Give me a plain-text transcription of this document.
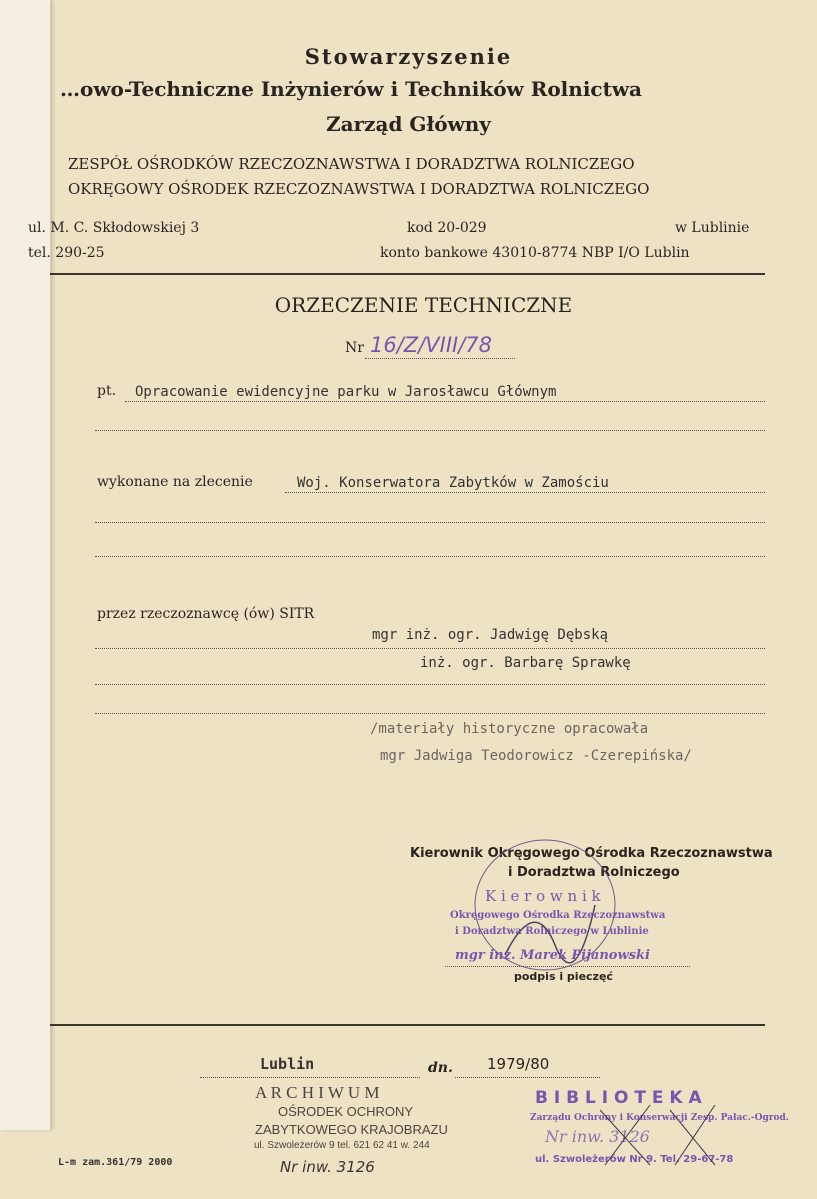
Stowarzyszenie
…owo-Techniczne Inżynierów i Techników Rolnictwa
Zarząd Główny
ZESPÓŁ OŚRODKÓW RZECZOZNAWSTWA I DORADZTWA ROLNICZEGO
OKRĘGOWY OŚRODEK RZECZOZNAWSTWA I DORADZTWA ROLNICZEGO
ul. M. C. Skłodowskiej 3
tel. 290-25
kod 20-029
konto bankowe 43010-8774 NBP I/O Lublin
w Lublinie
ORZECZENIE TECHNICZNE
Nr 16/Z/VIII/78
pt. Opracowanie ewidencyjne parku w Jarosławcu Głównym
wykonane na zlecenie	Woj. Konserwatora Zabytków w Zamościu
przez rzeczoznawcę (ów) SITR
mgr inż. ogr. Jadwigę Dębską
inż. ogr. Barbarę Sprawkę
/materiały historyczne opracowała
mgr Jadwiga Teodorowicz -Czerepińska/
Kierownik Okręgowego Ośrodka Rzeczoznawstwa
i Doradztwa Rolniczego
K i e r o w n i k
Okręgowego Ośrodka Rzeczoznawstwa
i Doradztwa Rolniczego w Lublinie
mgr inż. Marek Pijanowski
podpis i pieczęć
Lublin	dn. 1979/80
A R C H I W U M
OŚRODEK OCHRONY
ZABYTKOWEGO KRAJOBRAZU
ul. Szwoleżerów 9 tel. 621 62 41 w. 244
Nr inw. 3126
B I B L I O T E K A
Zarządu Ochrony i Konserwacji Zesp. Pałac.-Ogrod.
Nr inw. 3126
ul. Szwoleżerów Nr 9. Tel. 29-67-78
L-m zam.361/79 2000
